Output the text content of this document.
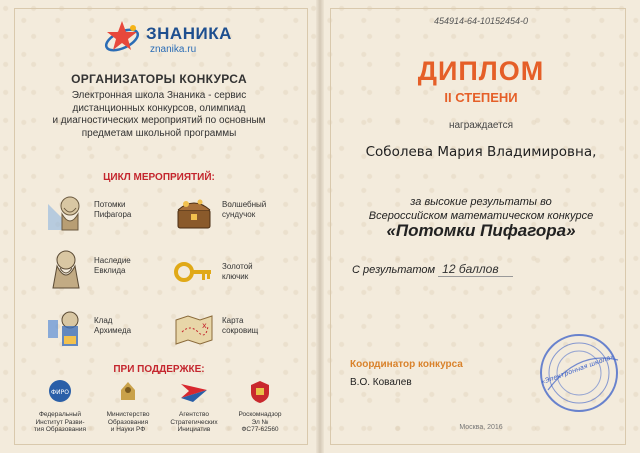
ЗНАНИКА
znanika.ru
ОРГАНИЗАТОРЫ КОНКУРСА
Электронная школа Знаника - сервис
дистанционных конкурсов, олимпиад
и диагностических мероприятий по основным
предметам школьной программы
ЦИКЛ МЕРОПРИЯТИЙ:
Потомки
Пифагора
Волшебный
сундучок
Наследие
Евклида	Золотой
ключик
Клад
Архимеда
x
Карта
сокровищ
ПРИ ПОДДЕРЖКЕ:
ФИРО
Федеральный
Институт Разви-
тия Образования
Министерство
Образования
и Науки РФ
Агентство
Стратегических
Инициатив
Роскомнадзор
Эл №
ФС77-62560
454914-64-10152454-0
ДИПЛОМ
II СТЕПЕНИ
награждается
Соболева Мария Владимировна,
за высокие результаты во
Всероссийском математическом конкурсе
«Потомки Пифагора»
С результатом 12 баллов
Координатор конкурса
В.О. Ковалев	«Электронная школа»
Москва, 2016
